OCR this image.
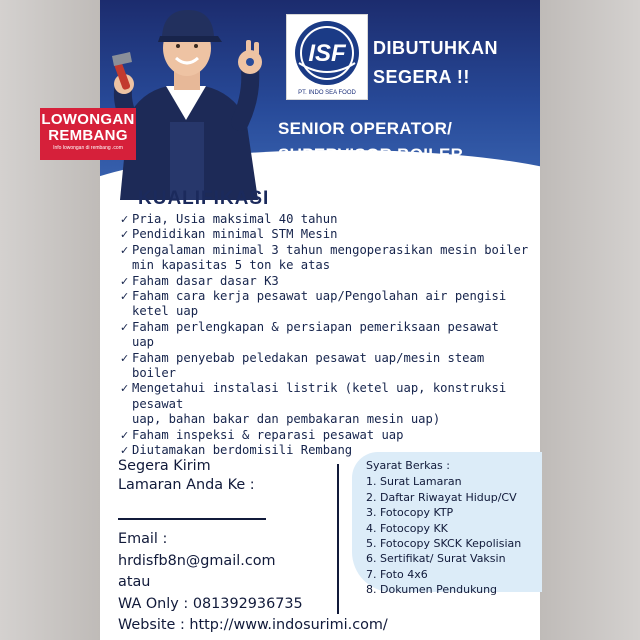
ISF
PT. INDO SEA FOOD
DIBUTUHKAN
SEGERA !!
SENIOR OPERATOR/
SUPERVISOR BOILER
LOWONGAN
REMBANG
Info lowongan di rembang .com
KUALIFIKASI
✓ Pria, Usia maksimal 40 tahun
✓ Pendidikan minimal STM Mesin
✓ Pengalaman minimal 3 tahun mengoperasikan mesin boiler
min kapasitas 5 ton ke atas
✓ Faham dasar dasar K3
✓ Faham cara kerja pesawat uap/Pengolahan air pengisi
ketel uap
✓ Faham perlengkapan & persiapan pemeriksaan pesawat
uap
✓ Faham penyebab peledakan pesawat uap/mesin steam
boiler
✓ Mengetahui instalasi listrik (ketel uap, konstruksi pesawat
uap, bahan bakar dan pembakaran mesin uap)
✓ Faham inspeksi & reparasi pesawat uap
✓ Diutamakan berdomisili Rembang
Segera Kirim
Lamaran Anda Ke :
Email :
hrdisfb8n@gmail.com
atau
WA Only : 081392936735
Website : http://www.indosurimi.com/
Syarat Berkas :
1. Surat Lamaran
2. Daftar Riwayat Hidup/CV
3. Fotocopy KTP
4. Fotocopy KK
5. Fotocopy SKCK Kepolisian
6. Sertifikat/ Surat Vaksin
7. Foto 4x6
8. Dokumen Pendukung
